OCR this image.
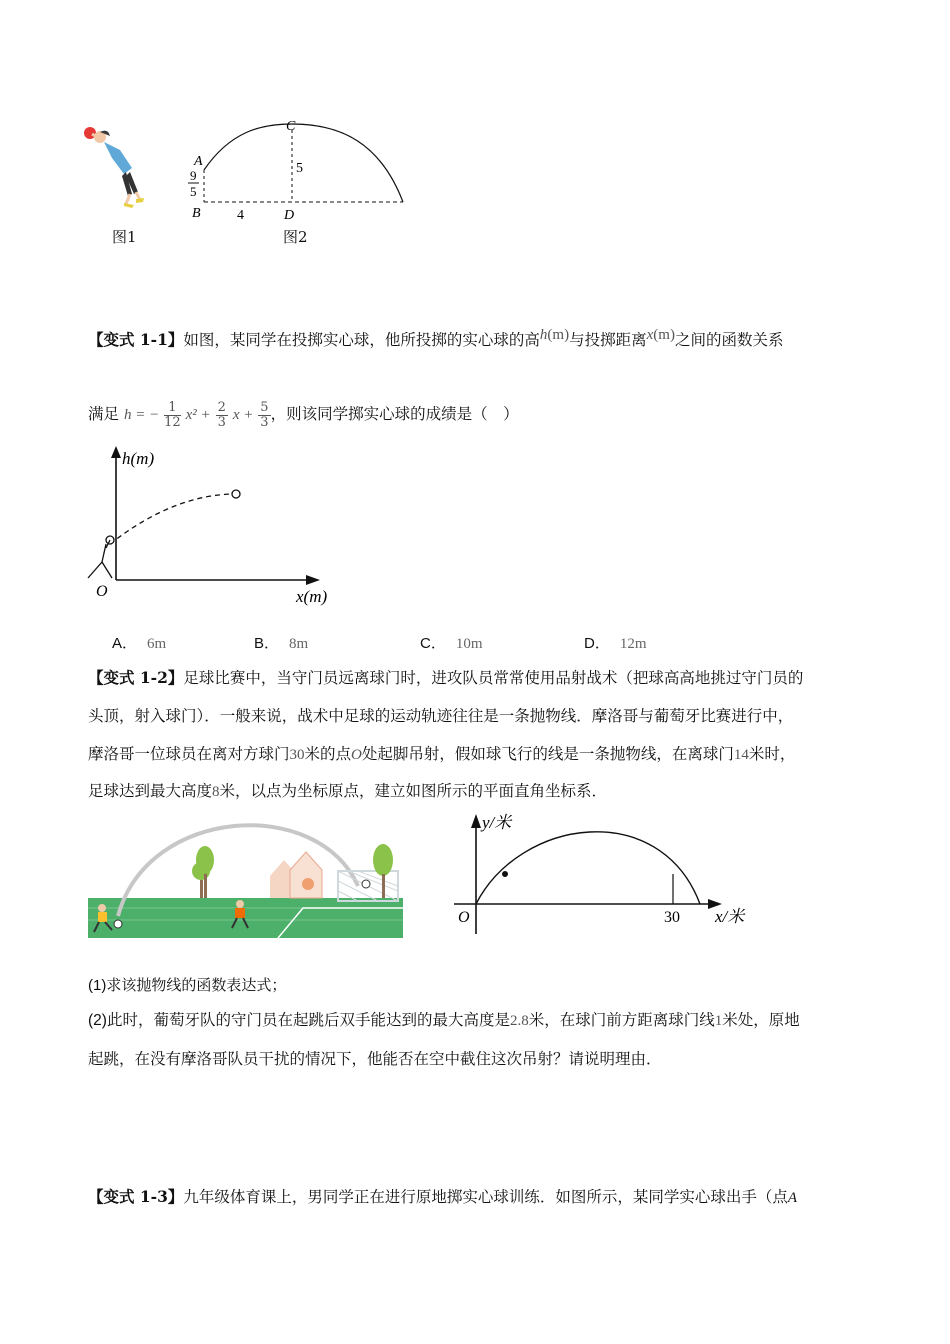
图1
A
B
C
D
9
5
5
4
图2
【变式 1-1】如图，某同学在投掷实心球，他所投掷的实心球的高$^{h(m)}$与投掷距离$^{x(m)}$之间的函数关系
满足 h = − $\frac{1}{12} x^2 + \frac{2}{3}$ $x + \frac{5}{3}$ ，则该同学掷实心球的成绩是（　）
h(m)
x(m)
O
A． 6m	B． 8m	C． 10m	D． 12m
【变式 1-2】足球比赛中，当守门员远离球门时，进攻队员常常使用品射战术（把球高高地挑过守门员的
头顶，射入球门）．一般来说，战术中足球的运动轨迹往往是一条抛物线．摩洛哥与葡萄牙比赛进行中，
摩洛哥一位球员在离对方球门30米的点O处起脚吊射，假如球飞行的线是一条抛物线，在离球门14米时，
足球达到最大高度8米，以点为坐标原点，建立如图所示的平面直角坐标系．
y/米
x/米
O	30
(1)求该抛物线的函数表达式；
(2)此时，葡萄牙队的守门员在起跳后双手能达到的最大高度是2.8米，在球门前方距离球门线1米处，原地
起跳，在没有摩洛哥队员干扰的情况下，他能否在空中截住这次吊射？请说明理由．
【变式 1-3】九年级体育课上，男同学正在进行原地掷实心球训练．如图所示，某同学实心球出手（点A
